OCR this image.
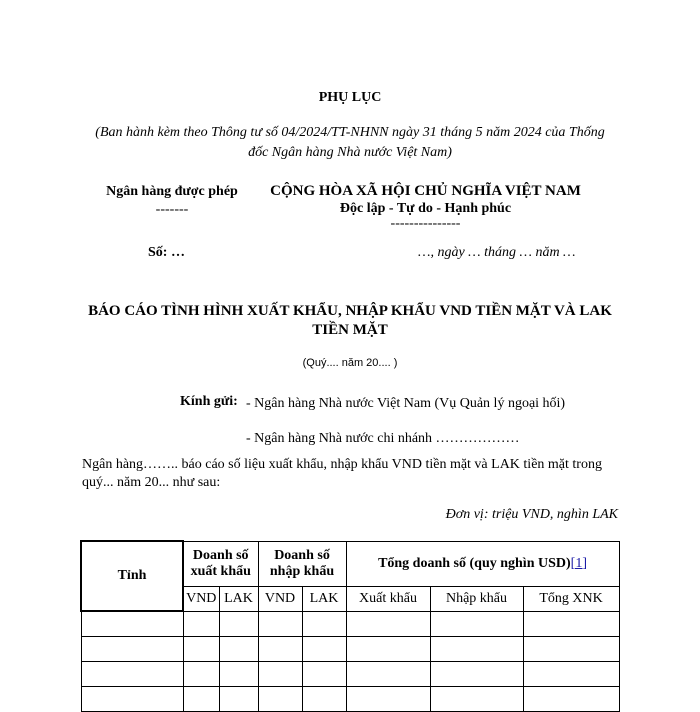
PHỤ LỤC
(Ban hành kèm theo Thông tư số 04/2024/TT-NHNN ngày 31 tháng 5 năm 2024 của Thống đốc Ngân hàng Nhà nước Việt Nam)
Ngân hàng được phép
-------
CỘNG HÒA XÃ HỘI CHỦ NGHĨA VIỆT NAM
Độc lập - Tự do - Hạnh phúc
---------------
Số: …	…, ngày … tháng … năm …
BÁO CÁO TÌNH HÌNH XUẤT KHẨU, NHẬP KHẨU VND TIỀN MẶT VÀ LAK TIỀN MẶT
(Quý.... năm 20.... )
Kính gửi: - Ngân hàng Nhà nước Việt Nam (Vụ Quản lý ngoại hối)
- Ngân hàng Nhà nước chi nhánh ………………
Ngân hàng…….. báo cáo số liệu xuất khẩu, nhập khẩu VND tiền mặt và LAK tiền mặt trong quý... năm 20... như sau:
Đơn vị: triệu VND, nghìn LAK
Tỉnh	Doanh số xuất khẩu		Doanh số nhập khẩu		Tổng doanh số (quy nghìn USD)[1]		
	VND	LAK	VND	LAK	Xuất khẩu	Nhập khẩu	Tổng XNK
